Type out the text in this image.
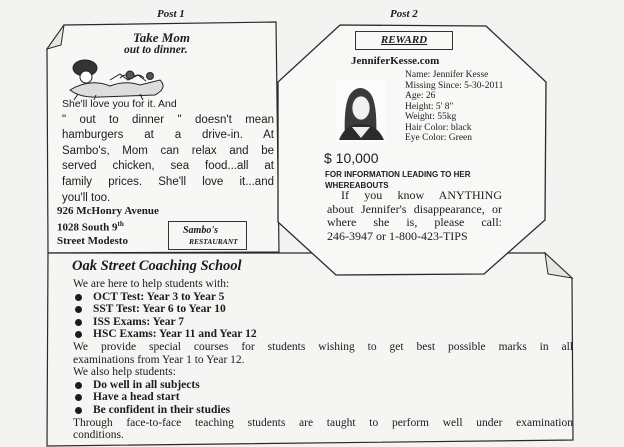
Post 1	Post 2
Take Mom
out to dinner.
She'll love you for it. And
" out to dinner " doesn't mean
hamburgers at a drive-in. At
Sambo's, Mom can relax and be
served chicken, sea food...all at
family prices. She'll love it...and
you'll too.
926 McHonry Avenue
1028 South 9th
Street Modesto
Sambo's
RESTAURANT
REWARD
JenniferKesse.com
Name: Jennifer Kesse
Missing Since: 5-30-2011
Age: 26
Height: 5' 8"
Weight: 55kg
Hair Color: black
Eye Color: Green
$ 10,000
FOR INFORMATION LEADING TO HER
WHEREABOUTS
If you know ANYTHING
about Jennifer's disappearance, or
where she is, please call:
246-3947 or 1-800-423-TIPS
Oak Street Coaching School
We are here to help students with:
OCT Test: Year 3 to Year 5
SST Test: Year 6 to Year 10
ISS Exams: Year 7
HSC Exams: Year 11 and Year 12
We provide special courses for students wishing to get best possible marks in all
examinations from Year 1 to Year 12.
We also help students:
Do well in all subjects
Have a head start
Be confident in their studies
Through face-to-face teaching students are taught to perform well under examination
conditions.
